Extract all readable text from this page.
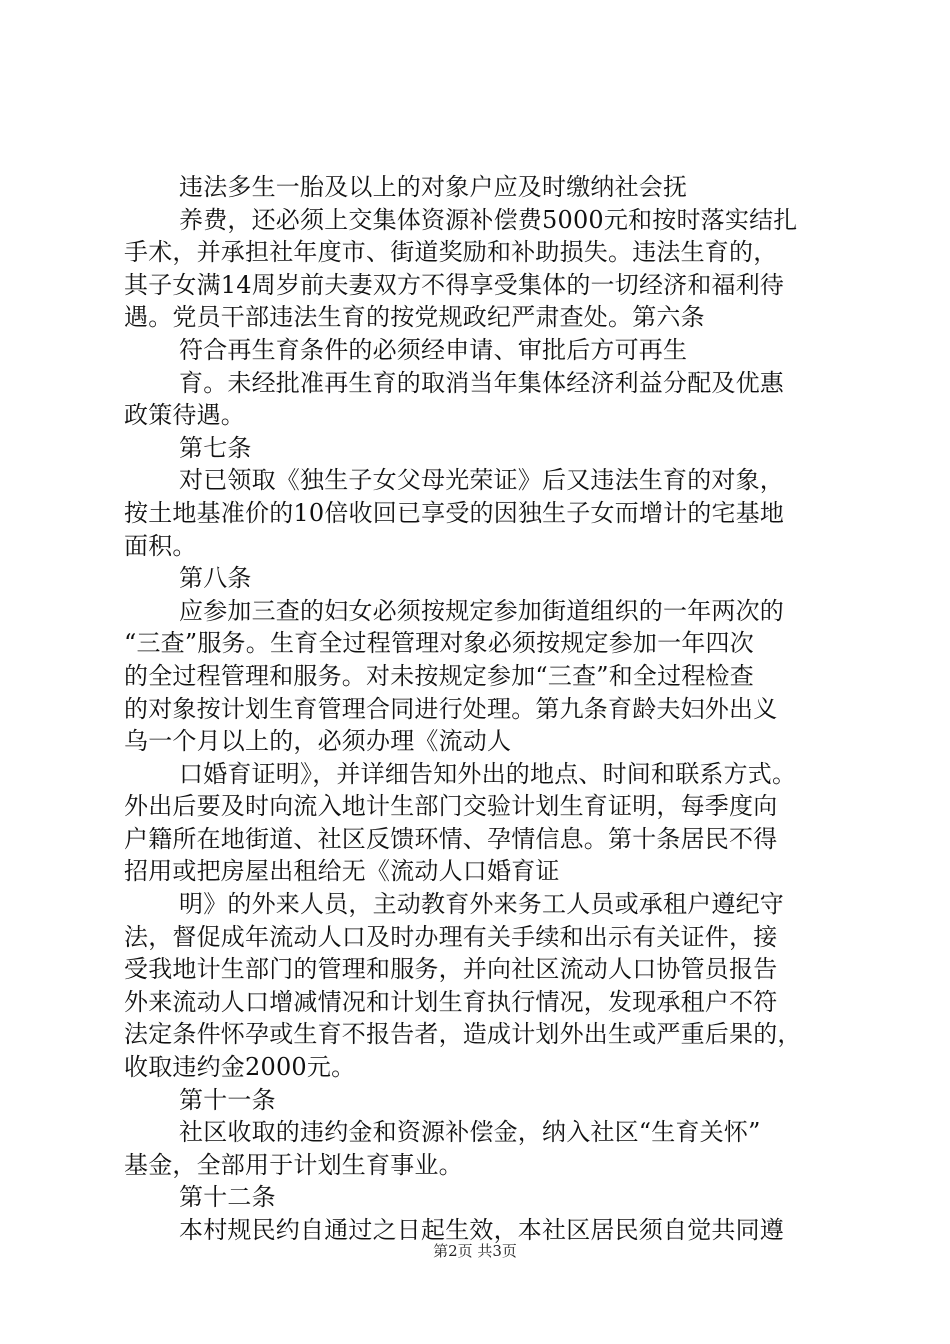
违法多生一胎及以上的对象户应及时缴纳社会抚
养费，还必须上交集体资源补偿费5000元和按时落实结扎
手术，并承担社年度市、街道奖励和补助损失。违法生育的，
其子女满14周岁前夫妻双方不得享受集体的一切经济和福利待
遇。党员干部违法生育的按党规政纪严肃查处。第六条
符合再生育条件的必须经申请、审批后方可再生
育。未经批准再生育的取消当年集体经济利益分配及优惠
政策待遇。
第七条
对已领取《独生子女父母光荣证》后又违法生育的对象，
按土地基准价的10倍收回已享受的因独生子女而增计的宅基地
面积。
第八条
应参加三查的妇女必须按规定参加街道组织的一年两次的
“三查”服务。生育全过程管理对象必须按规定参加一年四次
的全过程管理和服务。对未按规定参加“三查”和全过程检查
的对象按计划生育管理合同进行处理。第九条育龄夫妇外出义
乌一个月以上的，必须办理《流动人
口婚育证明》，并详细告知外出的地点、时间和联系方式。
外出后要及时向流入地计生部门交验计划生育证明，每季度向
户籍所在地街道、社区反馈环情、孕情信息。第十条居民不得
招用或把房屋出租给无《流动人口婚育证
明》的外来人员，主动教育外来务工人员或承租户遵纪守
法，督促成年流动人口及时办理有关手续和出示有关证件，接
受我地计生部门的管理和服务，并向社区流动人口协管员报告
外来流动人口增减情况和计划生育执行情况，发现承租户不符
法定条件怀孕或生育不报告者，造成计划外出生或严重后果的，
收取违约金2000元。
第十一条
社区收取的违约金和资源补偿金，纳入社区“生育关怀”
基金，全部用于计划生育事业。
第十二条
本村规民约自通过之日起生效，本社区居民须自觉共同遵
第2页 共3页
